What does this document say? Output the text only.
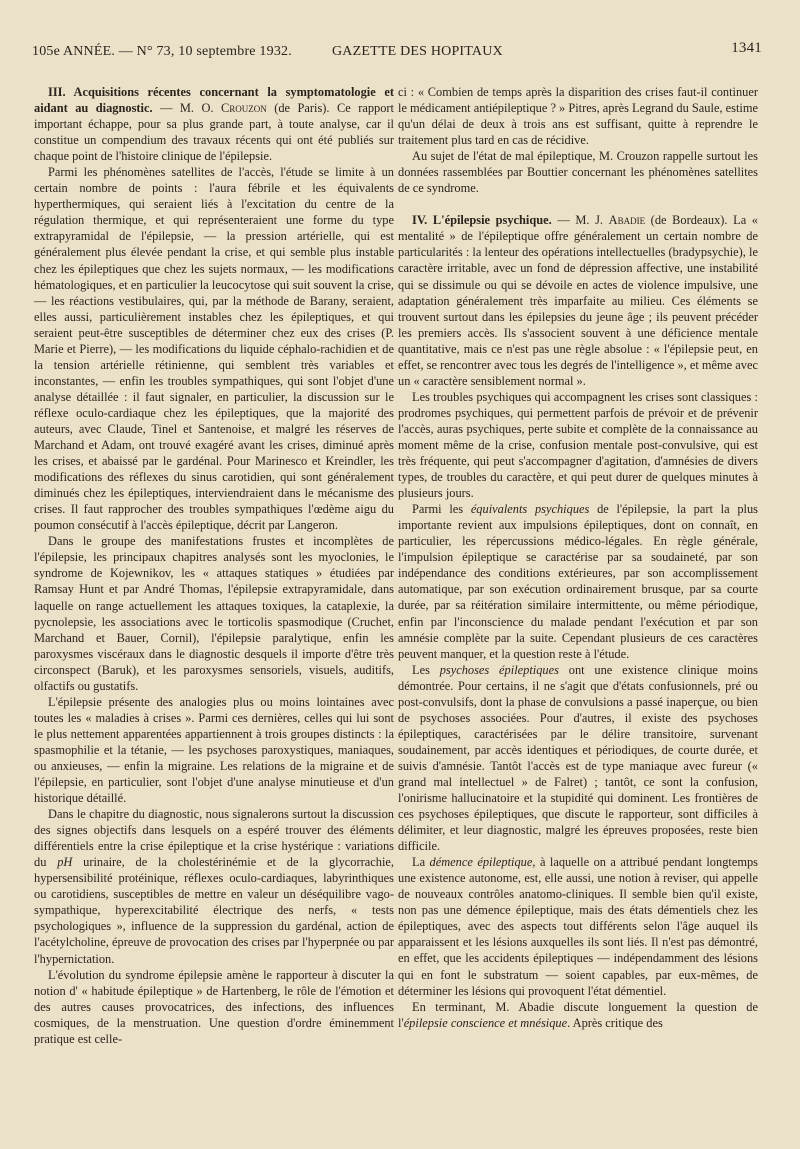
105e ANNÉE. — N° 73, 10 septembre 1932.	GAZETTE DES HOPITAUX	1341

III. Acquisitions récentes concernant la symptomatologie et aidant au diagnostic. — M. O. Crouzon (de Paris). Ce rapport important échappe, pour sa plus grande part, à toute analyse, car il constitue un compendium des travaux récents qui ont été publiés sur chaque point de l'histoire clinique de l'épilepsie.

Parmi les phénomènes satellites de l'accès, l'étude se limite à un certain nombre de points : l'aura fébrile et les équivalents hyperthermiques, qui seraient liés à l'excitation du centre de la régulation thermique, et qui représenteraient une forme du type extrapyramidal de l'épilepsie, — la pression artérielle, qui est généralement plus élevée pendant la crise, et qui semble plus instable chez les épileptiques que chez les sujets normaux, — les modifications hématologiques, et en particulier la leucocytose qui suit souvent la crise, — les réactions vestibulaires, qui, par la méthode de Barany, seraient, elles aussi, particulièrement instables chez les épileptiques, et qui seraient peut-être susceptibles de déterminer chez eux des crises (P. Marie et Pierre), — les modifications du liquide céphalo-rachidien et de la tension artérielle rétinienne, qui semblent très variables et inconstantes, — enfin les troubles sympathiques, qui sont l'objet d'une analyse détaillée : il faut signaler, en particulier, la discussion sur le réflexe oculo-cardiaque chez les épileptiques, que la majorité des auteurs, avec Claude, Tinel et Santenoise, et malgré les réserves de Marchand et Adam, ont trouvé exagéré avant les crises, diminué après les crises, et abaissé par le gardénal. Pour Marinesco et Kreindler, les modifications des réflexes du sinus carotidien, qui sont généralement diminués chez les épileptiques, interviendraient dans le mécanisme des crises. Il faut rapprocher des troubles sympathiques l'œdème aigu du poumon consécutif à l'accès épileptique, décrit par Langeron.

Dans le groupe des manifestations frustes et incomplètes de l'épilepsie, les principaux chapitres analysés sont les myoclonies, le syndrome de Kojewnikov, les « attaques statiques » étudiées par Ramsay Hunt et par André Thomas, l'épilepsie extrapyramidale, dans laquelle on range actuellement les attaques toxiques, la cataplexie, la pycnolepsie, les associations avec le torticolis spasmodique (Cruchet, Marchand et Bauer, Cornil), l'épilepsie paralytique, enfin les paroxysmes viscéraux dans le diagnostic desquels il importe d'être très circonspect (Baruk), et les paroxysmes sensoriels, visuels, auditifs, olfactifs ou gustatifs.

L'épilepsie présente des analogies plus ou moins lointaines avec toutes les « maladies à crises ». Parmi ces dernières, celles qui lui sont le plus nettement apparentées appartiennent à trois groupes distincts : la spasmophilie et la tétanie, — les psychoses paroxystiques, maniaques, ou anxieuses, — enfin la migraine. Les relations de la migraine et de l'épilepsie, en particulier, sont l'objet d'une analyse minutieuse et d'un historique détaillé.

Dans le chapitre du diagnostic, nous signalerons surtout la discussion des signes objectifs dans lesquels on a espéré trouver des éléments différentiels entre la crise épileptique et la crise hystérique : variations du pH urinaire, de la cholestérinémie et de la glycorrachie, hypersensibilité protéinique, réflexes oculo-cardiaques, labyrinthiques ou carotidiens, susceptibles de mettre en valeur un déséquilibre vago-sympathique, hyperexcitabilité électrique des nerfs, « tests psychologiques », influence de la suppression du gardénal, action de l'acétylcholine, épreuve de provocation des crises par l'hyperpnée ou par l'hypernictation.

L'évolution du syndrome épilepsie amène le rapporteur à discuter la notion d' « habitude épileptique » de Hartenberg, le rôle de l'émotion et des autres causes provocatrices, des infections, des influences cosmiques, de la menstruation. Une question d'ordre éminemment pratique est celle-

ci : « Combien de temps après la disparition des crises faut-il continuer le médicament antiépileptique ? » Pitres, après Legrand du Saule, estime qu'un délai de deux à trois ans est suffisant, quitte à reprendre le traitement plus tard en cas de récidive.

Au sujet de l'état de mal épileptique, M. Crouzon rappelle surtout les données rassemblées par Bouttier concernant les phénomènes satellites de ce syndrome.

IV. L'épilepsie psychique. — M. J. Abadie (de Bordeaux). La « mentalité » de l'épileptique offre généralement un certain nombre de particularités : la lenteur des opérations intellectuelles (bradypsychie), le caractère irritable, avec un fond de dépression affective, une instabilité qui se dissimule ou qui se dévoile en actes de violence impulsive, une adaptation généralement très imparfaite au milieu. Ces éléments se trouvent surtout dans les épilepsies du jeune âge ; ils peuvent précéder les premiers accès. Ils s'associent souvent à une déficience mentale quantitative, mais ce n'est pas une règle absolue : « l'épilepsie peut, en effet, se rencontrer avec tous les degrés de l'intelligence », et même avec un « caractère sensiblement normal ».

Les troubles psychiques qui accompagnent les crises sont classiques : prodromes psychiques, qui permettent parfois de prévoir et de prévenir l'accès, auras psychiques, perte subite et complète de la connaissance au moment même de la crise, confusion mentale post-convulsive, qui est très fréquente, qui peut s'accompagner d'agitation, d'amnésies de divers types, de troubles du caractère, et qui peut durer de quelques minutes à plusieurs jours.

Parmi les équivalents psychiques de l'épilepsie, la part la plus importante revient aux impulsions épileptiques, dont on connaît, en particulier, les répercussions médico-légales. En règle générale, l'impulsion épileptique se caractérise par sa soudaineté, par son indépendance des conditions extérieures, par son accomplissement automatique, par son exécution ordinairement brusque, par sa courte durée, par sa réitération similaire intermittente, ou même périodique, enfin par l'inconscience du malade pendant l'exécution et par son amnésie complète par la suite. Cependant plusieurs de ces caractères peuvent manquer, et la question reste à l'étude.

Les psychoses épileptiques ont une existence clinique moins démontrée. Pour certains, il ne s'agit que d'états confusionnels, pré ou post-convulsifs, dont la phase de convulsions a passé inaperçue, ou bien de psychoses associées. Pour d'autres, il existe des psychoses épileptiques, caractérisées par le délire transitoire, survenant soudainement, par accès identiques et périodiques, de courte durée, et suivis d'amnésie. Tantôt l'accès est de type maniaque avec fureur (« grand mal intellectuel » de Falret) ; tantôt, ce sont la confusion, l'onirisme hallucinatoire et la stupidité qui dominent. Les frontières de ces psychoses épileptiques, que discute le rapporteur, sont difficiles à délimiter, et leur diagnostic, malgré les épreuves proposées, reste bien difficile.

La démence épileptique, à laquelle on a attribué pendant longtemps une existence autonome, est, elle aussi, une notion à reviser, qui appelle de nouveaux contrôles anatomo-cliniques. Il semble bien qu'il existe, non pas une démence épileptique, mais des états démentiels chez les épileptiques, avec des aspects tout différents selon l'âge auquel ils apparaissent et les lésions auxquelles ils sont liés. Il n'est pas démontré, en effet, que les accidents épileptiques — indépendamment des lésions qui en font le substratum — soient capables, par eux-mêmes, de déterminer les lésions qui provoquent l'état démentiel.

En terminant, M. Abadie discute longuement la question de l'épilepsie conscience et mnésique. Après critique des
